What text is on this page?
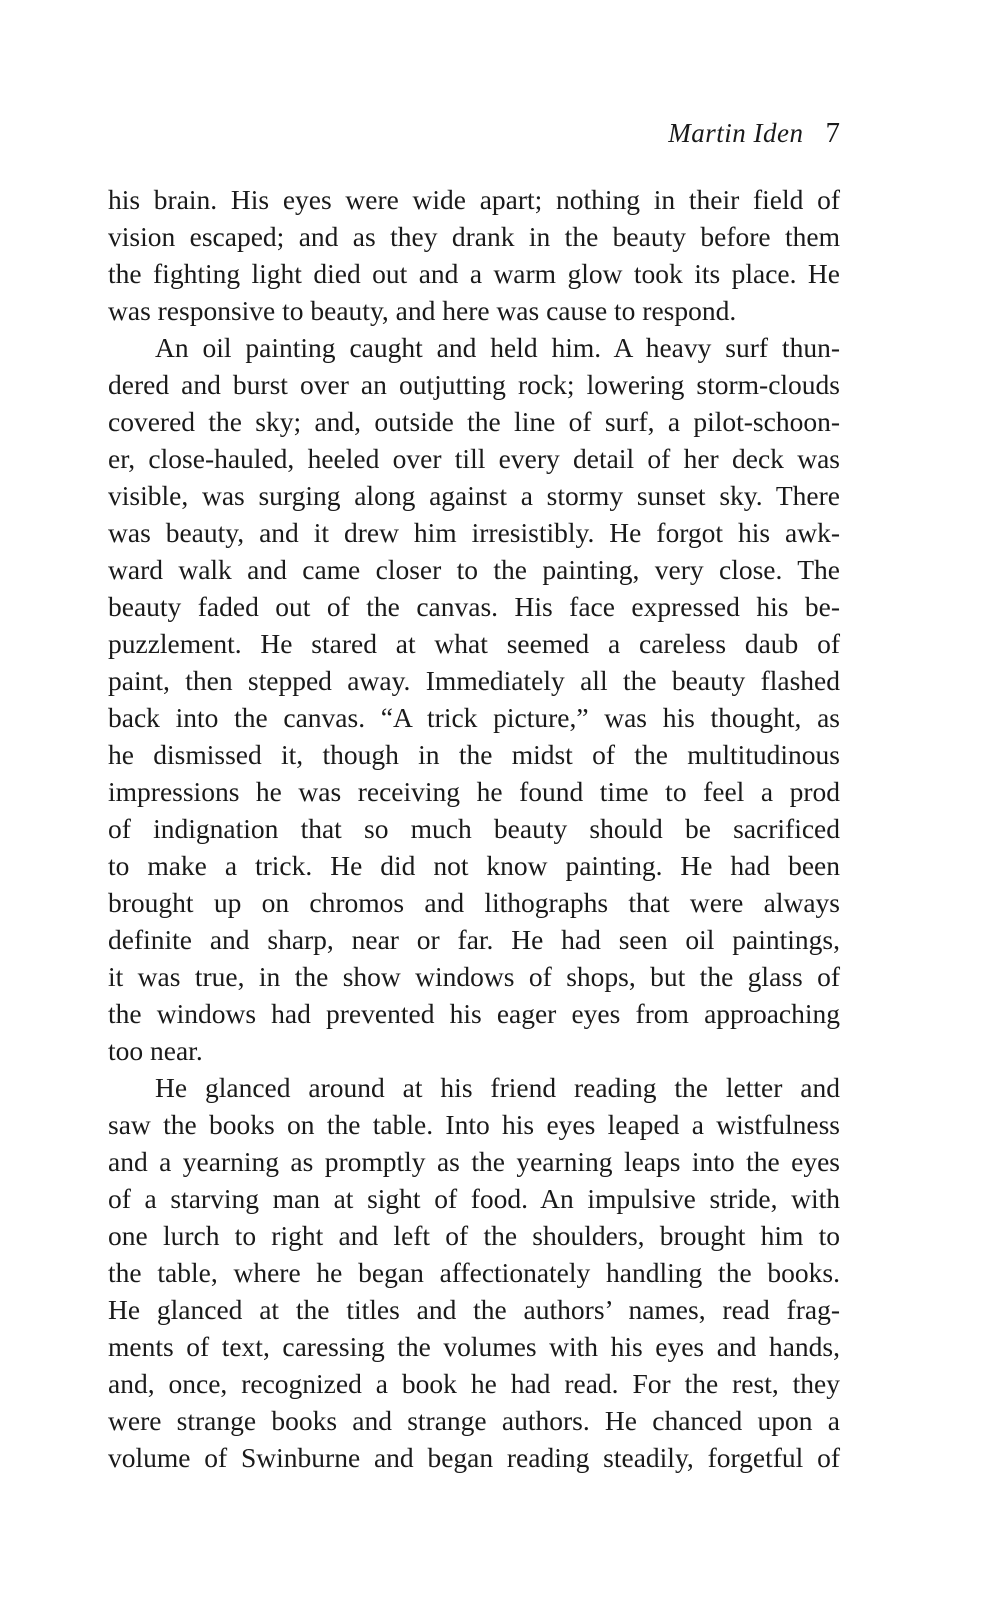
Martin Iden 7
his brain. His eyes were wide apart; nothing in their field of
vision escaped; and as they drank in the beauty before them
the fighting light died out and a warm glow took its place. He
was responsive to beauty, and here was cause to respond.
An oil painting caught and held him. A heavy surf thun-
dered and burst over an outjutting rock; lowering storm-clouds
covered the sky; and, outside the line of surf, a pilot-schoon-
er, close-hauled, heeled over till every detail of her deck was
visible, was surging along against a stormy sunset sky. There
was beauty, and it drew him irresistibly. He forgot his awk-
ward walk and came closer to the painting, very close. The
beauty faded out of the canvas. His face expressed his be-
puzzlement. He stared at what seemed a careless daub of
paint, then stepped away. Immediately all the beauty flashed
back into the canvas. “A trick picture,” was his thought, as
he dismissed it, though in the midst of the multitudinous
impressions he was receiving he found time to feel a prod
of indignation that so much beauty should be sacrificed
to make a trick. He did not know painting. He had been
brought up on chromos and lithographs that were always
definite and sharp, near or far. He had seen oil paintings,
it was true, in the show windows of shops, but the glass of
the windows had prevented his eager eyes from approaching
too near.
He glanced around at his friend reading the letter and
saw the books on the table. Into his eyes leaped a wistfulness
and a yearning as promptly as the yearning leaps into the eyes
of a starving man at sight of food. An impulsive stride, with
one lurch to right and left of the shoulders, brought him to
the table, where he began affectionately handling the books.
He glanced at the titles and the authors’ names, read frag-
ments of text, caressing the volumes with his eyes and hands,
and, once, recognized a book he had read. For the rest, they
were strange books and strange authors. He chanced upon a
volume of Swinburne and began reading steadily, forgetful of
